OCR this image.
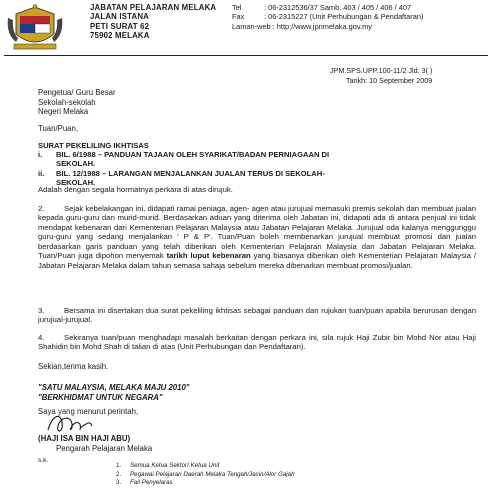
JABATAN PELAJARAN MELAKA
JALAN ISTANA
PETI SURAT 62
75902 MELAKA
Tel	: 06-2312536/37 Samb. 403 / 405 / 406 / 407
Fax	: 06-2315227 (Unit Perhubungan & Pendaftaran)
Laman-web : http://www.jpnmelaka.gov.my
JPM.SPS.UPP.100-11/2 Jld. 3( )
Tarikh: 10 September 2009
Pengetua/ Guru Besar
Sekolah-sekolah
Negeri Melaka
Tuan/Puan,
SURAT PEKELILING IKHTISAS
i. BIL. 6/1988 – PANDUAN TAJAAN OLEH SYARIKAT/BADAN PERNIAGAAN DI
SEKOLAH.
ii. BIL. 12/1988 – LARANGAN MENJALANKAN JUALAN TERUS DI SEKOLAH-
SEKOLAH.
Adalah dengan segala hormatnya perkara di atas dirujuk.
2.	Sejak kebelakangan ini, didapati ramai peniaga, agen- agen atau jurujual memasuki premis sekolah dan membuat jualan kepada guru-guru dan murid-murid. Berdasarkan aduan yang diterima oleh Jabatan ini, didapati ada di antara penjual ini tidak mendapat kebenaran dari Kementerian Pelajaran Malaysia atau Jabatan Pelajaran Melaka. Jurujual oda kalanya menggunggu guru-guru yang sedang menjalankan ' P & P'. Tuan/Puan boleh membenarkan jurujual membuat promosi dan jualan berdasarkan garis panduan yang telah diberikan oleh Kementerian Pelajaran Malaysia dan Jabatan Pelajaran Melaka. Tuan/Puan juga dipohon menyemak tarikh luput kebenaran yang biasanya diberikan oleh Kementerian Pelajaran Malaysia / Jabatan Pelajaran Melaka dalam tahun semasa sahaja sebelum mereka dibenarkan membuat promosi/jualan.
3.	Bersama ini disertakan dua surat pekeliling ikhtisas sebagai panduan dan rujukan tuan/puan apabila berurusan dengan jurujual-jurujual.
4.	Sekiranya tuan/puan menghadapi masalah berkaitan dengan perkara ini, sila rujuk Haji Zubir bin Mohd Nor atau Haji Shahidin bin Mohd Shah di talian di atas (Unit Perhubungan dan Pendaftaran).
Sekian,terima kasih.
"SATU MALAYSIA, MELAKA MAJU 2010"
"BERKHIDMAT UNTUK NEGARA"
Saya yang menurut perintah,
(HAJI ISA BIN HAJI ABU)
Pengarah Pelajaran Melaka
s.k.
1. Semua Ketua Sektor/ Ketua Unit
2. Pegawai Pelajaran Daerah Melaka Tengah/Jasin/Alor Gajah
3. Fail Penyelaras
